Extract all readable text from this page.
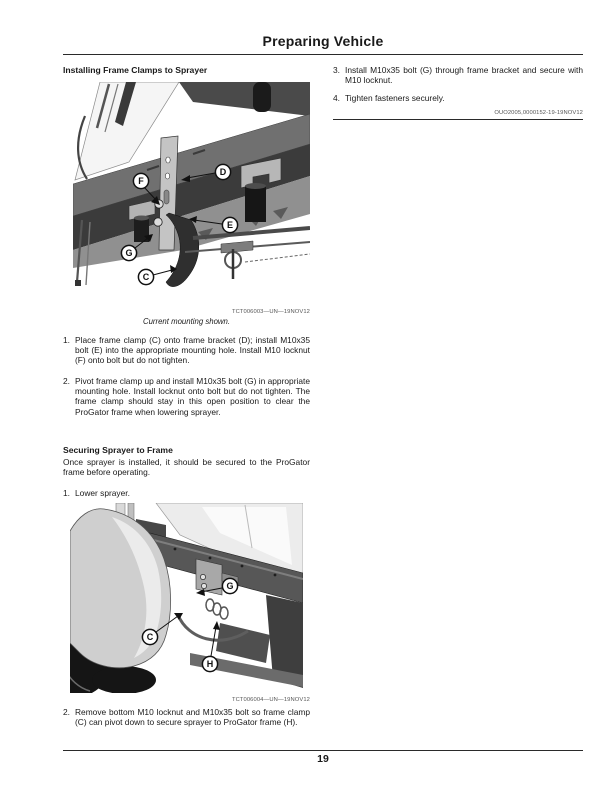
Preparing Vehicle
Installing Frame Clamps to Sprayer
D
F
E
G
C
TCT006003—UN—19NOV12
Current mounting shown.
1. Place frame clamp (C) onto frame bracket (D); install M10x35 bolt (E) into the appropriate mounting hole. Install M10 locknut (F) onto bolt but do not tighten.
2. Pivot frame clamp up and install M10x35 bolt (G) in appropriate mounting hole. Install locknut onto bolt but do not tighten. The frame clamp should stay in this open position to clear the ProGator frame when lowering sprayer.
Securing Sprayer to Frame
Once sprayer is installed, it should be secured to the ProGator frame before operating.
1. Lower sprayer.
G
C
H
TCT006004—UN—19NOV12
2. Remove bottom M10 locknut and M10x35 bolt so frame clamp (C) can pivot down to secure sprayer to ProGator frame (H).
3. Install M10x35 bolt (G) through frame bracket and secure with M10 locknut.
4. Tighten fasteners securely.
OUO2005,0000152-19-19NOV12
19
